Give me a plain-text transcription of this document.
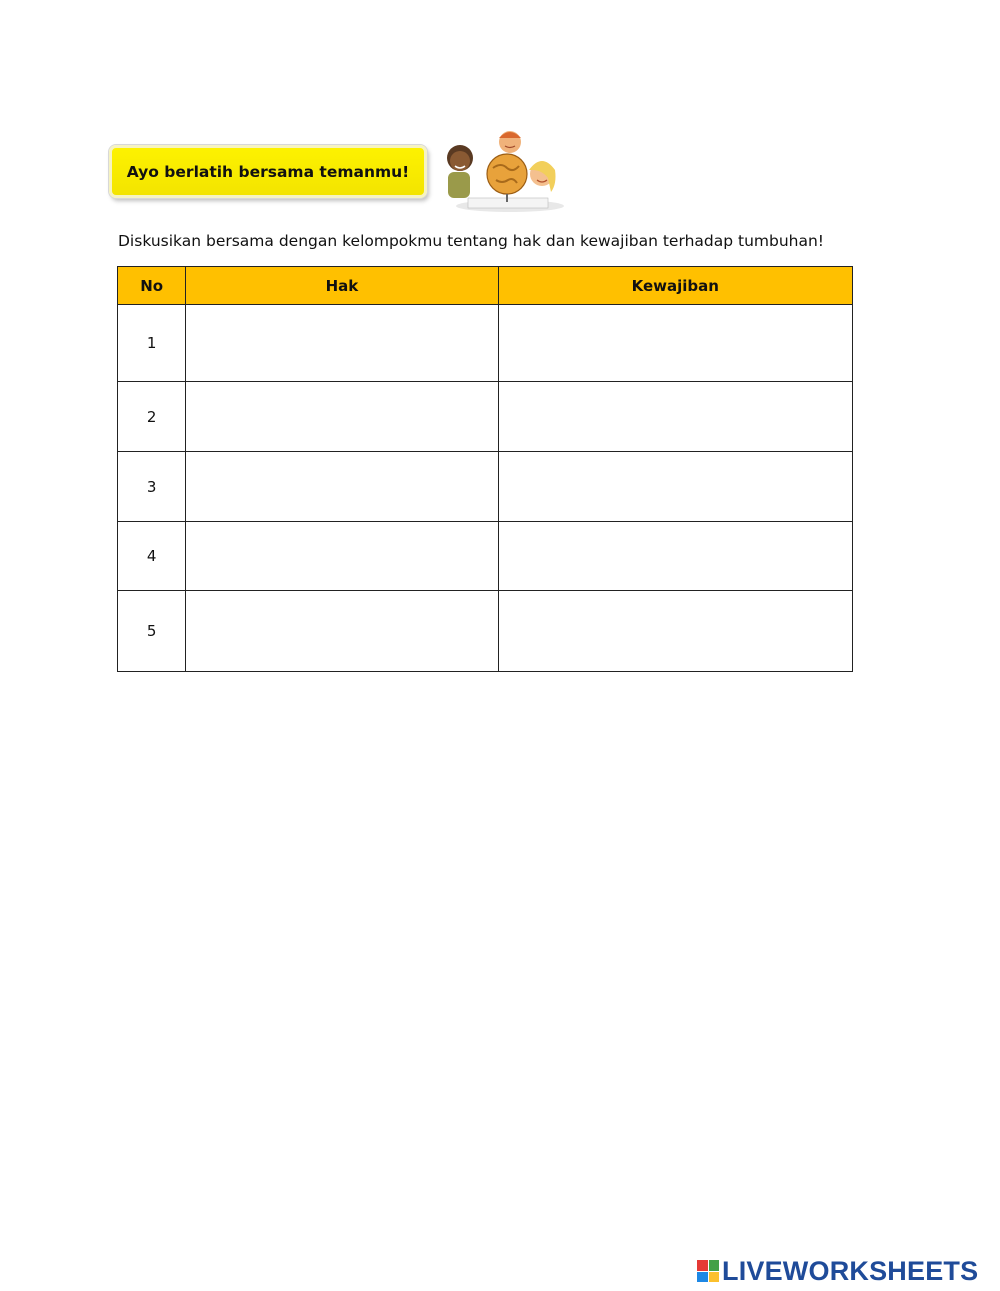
Ayo berlatih bersama temanmu!
Diskusikan bersama dengan kelompokmu tentang hak dan kewajiban terhadap tumbuhan!
No	Hak	Kewajiban
1		
2		
3		
4		
5		
LIVEWORKSHEETS
